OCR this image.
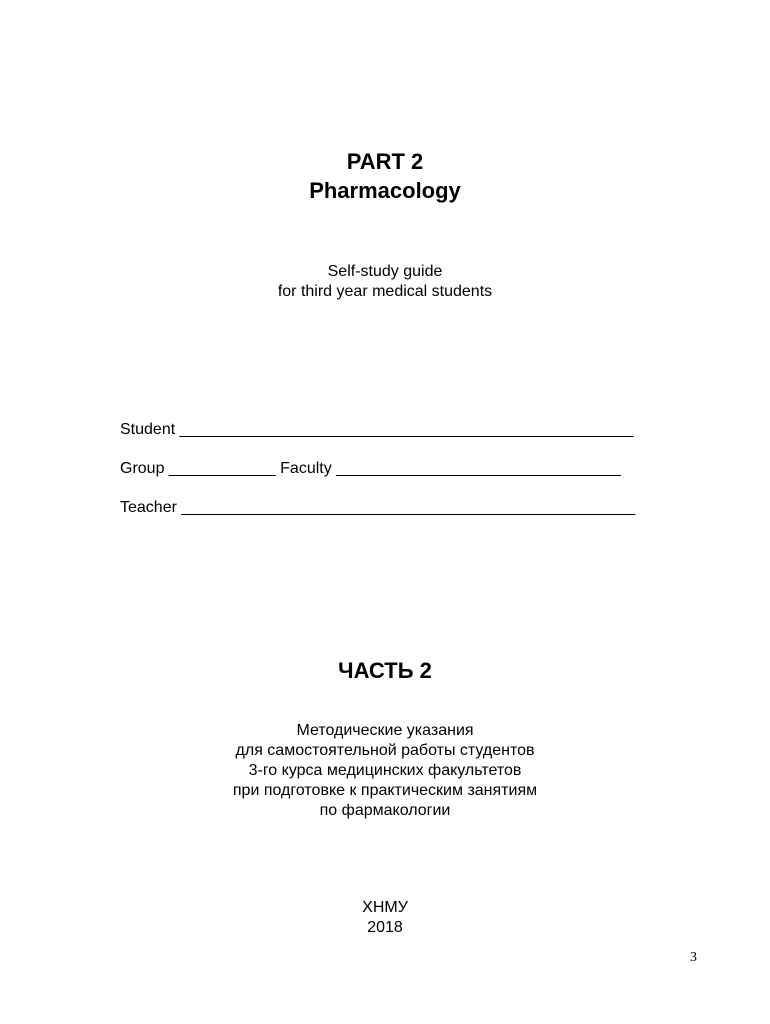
PART 2
Pharmacology
Self-study guide
for third year medical students
Student ___________________________________________________
Group ____________ Faculty ________________________________
Teacher ___________________________________________________
ЧАСТЬ 2
Методические указания
для самостоятельной работы студентов
3-го курса медицинских факультетов
при подготовке к практическим занятиям
по фармакологии
ХНМУ
2018
3
